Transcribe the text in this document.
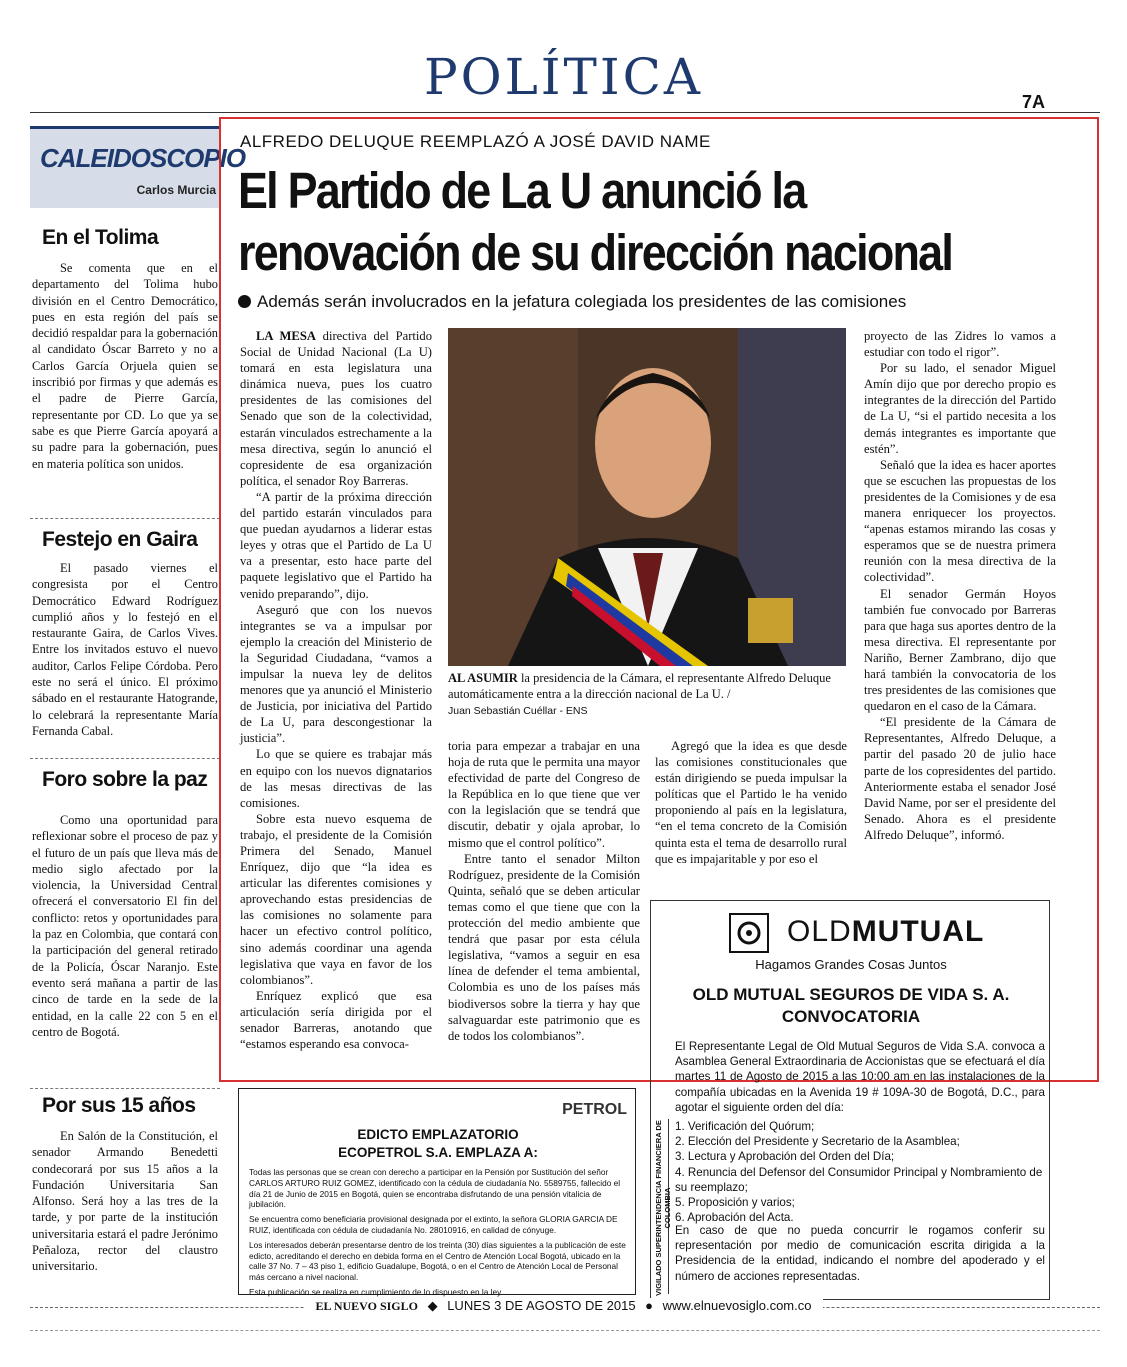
POLÍTICA	7A
CALEIDOSCOPIO
Carlos Murcia
En el Tolima
Se comenta que en el departamento del Tolima hubo división en el Centro Democrático, pues en esta región del país se decidió respaldar para la gobernación al candidato Óscar Barreto y no a Carlos García Orjuela quien se inscribió por firmas y que además es el padre de Pierre García, representante por CD. Lo que ya se sabe es que Pierre García apoyará a su padre para la gobernación, pues en materia política son unidos.
Festejo en Gaira
El pasado viernes el congresista por el Centro Democrático Edward Rodríguez cumplió años y lo festejó en el restaurante Gaira, de Carlos Vives. Entre los invitados estuvo el nuevo auditor, Carlos Felipe Córdoba. Pero este no será el único. El próximo sábado en el restaurante Hatogrande, lo celebrará la representante María Fernanda Cabal.
Foro sobre la paz
Como una oportunidad para reflexionar sobre el proceso de paz y el futuro de un país que lleva más de medio siglo afectado por la violencia, la Universidad Central ofrecerá el conversatorio El fin del conflicto: retos y oportunidades para la paz en Colombia, que contará con la participación del general retirado de la Policía, Óscar Naranjo. Este evento será mañana a partir de las cinco de tarde en la sede de la entidad, en la calle 22 con 5 en el centro de Bogotá.
Por sus 15 años
En Salón de la Constitución, el senador Armando Benedetti condecorará por sus 15 años a la Fundación Universitaria San Alfonso. Será hoy a las tres de la tarde, y por parte de la institución universitaria estará el padre Jerónimo Peñaloza, rector del claustro universitario.
ALFREDO DELUQUE REEMPLAZÓ A JOSÉ DAVID NAME
El Partido de La U anunció la
renovación de su dirección nacional
Además serán involucrados en la jefatura colegiada los presidentes de las comisiones

LA MESA directiva del Partido Social de Unidad Nacional (La U) tomará en esta legislatura una dinámica nueva, pues los cuatro presidentes de las comisiones del Senado que son de la colectividad, estarán vinculados estrechamente a la mesa directiva, según lo anunció el copresidente de esa organización política, el senador Roy Barreras.

“A partir de la próxima dirección del partido estarán vinculados para que puedan ayudarnos a liderar estas leyes y otras que el Partido de La U va a presentar, esto hace parte del paquete legislativo que el Partido ha venido preparando”, dijo.

Aseguró que con los nuevos integrantes se va a impulsar por ejemplo la creación del Ministerio de la Seguridad Ciudadana, “vamos a impulsar la nueva ley de delitos menores que ya anunció el Ministerio de Justicia, por iniciativa del Partido de La U, para descongestionar la justicia”.

Lo que se quiere es trabajar más en equipo con los nuevos dignatarios de las mesas directivas de las comisiones.

Sobre esta nuevo esquema de trabajo, el presidente de la Comisión Primera del Senado, Manuel Enríquez, dijo que “la idea es articular las diferentes comisiones y aprovechando estas presidencias de las comisiones no solamente para hacer un efectivo control político, sino además coordinar una agenda legislativa que vaya en favor de los colombianos”.

Enríquez explicó que esa articulación sería dirigida por el senador Barreras, anotando que “estamos esperando esa convoca-

AL ASUMIR la presidencia de la Cámara, el representante Alfredo Deluque automáticamente entra a la dirección nacional de La U. /
Juan Sebastián Cuéllar - ENS

toria para empezar a trabajar en una hoja de ruta que le permita una mayor efectividad de parte del Congreso de la República en lo que tiene que ver con la legislación que se tendrá que discutir, debatir y ojala aprobar, lo mismo que el control político”.

Entre tanto el senador Milton Rodríguez, presidente de la Comisión Quinta, señaló que se deben articular temas como el que tiene que con la protección del medio ambiente que tendrá que pasar por esta célula legislativa, “vamos a seguir en esa línea de defender el tema ambiental, Colombia es uno de los países más biodiversos sobre la tierra y hay que salvaguardar este patrimonio que es de todos los colombianos”.

Agregó que la idea es que desde las comisiones constitucionales que están dirigiendo se pueda impulsar la políticas que el Partido le ha venido proponiendo al país en la legislatura, “en el tema concreto de la Comisión quinta esta el tema de desarrollo rural que es impajaritable y por eso el

proyecto de las Zidres lo vamos a estudiar con todo el rigor”.

Por su lado, el senador Miguel Amín dijo que por derecho propio es integrantes de la dirección del Partido de La U, “si el partido necesita a los demás integrantes es importante que estén”.

Señaló que la idea es hacer aportes que se escuchen las propuestas de los presidentes de la Comisiones y de esa manera enriquecer los proyectos. “apenas estamos mirando las cosas y esperamos que se de nuestra primera reunión con la mesa directiva de la colectividad”.

El senador Germán Hoyos también fue convocado por Barreras para que haga sus aportes dentro de la mesa directiva. El representante por Nariño, Berner Zambrano, dijo que hará también la convocatoria de los tres presidentes de las comisiones que quedaron en el caso de la Cámara.

“El presidente de la Cámara de Representantes, Alfredo Deluque, a partir del pasado 20 de julio hace parte de los copresidentes del partido. Anteriormente estaba el senador José David Name, por ser el presidente del Senado. Ahora es el presidente Alfredo Deluque”, informó.

OLDMUTUAL
Hagamos Grandes Cosas Juntos
OLD MUTUAL SEGUROS DE VIDA S. A.
CONVOCATORIA
El Representante Legal de Old Mutual Seguros de Vida S.A. convoca a Asamblea General Extraordinaria de Accionistas que se efectuará el día martes 11 de Agosto de 2015 a las 10:00 am en las instalaciones de la compañía ubicadas en la Avenida 19 # 109A-30 de Bogotá, D.C., para agotar el siguiente orden del día:
1. Verificación del Quórum;
2. Elección del Presidente y Secretario de la Asamblea;
3. Lectura y Aprobación del Orden del Día;
4. Renuncia del Defensor del Consumidor Principal y Nombramiento de su reemplazo;
5. Proposición y varios;
6. Aprobación del Acta.
En caso de que no pueda concurrir le rogamos conferir su representación por medio de comunicación escrita dirigida a la Presidencia de la entidad, indicando el nombre del apoderado y el número de acciones representadas.
VIGILADO SUPERINTENDENCIA FINANCIERA DE COLOMBIA
PETROL
EDICTO EMPLAZATORIO
ECOPETROL S.A. EMPLAZA A:

Todas las personas que se crean con derecho a participar en la Pensión por Sustitución del señor CARLOS ARTURO RUIZ GOMEZ, identificado con la cédula de ciudadanía No. 5589755, fallecido el día 21 de Junio de 2015 en Bogotá, quien se encontraba disfrutando de una pensión vitalicia de jubilación.

Se encuentra como beneficiaria provisional designada por el extinto, la señora GLORIA GARCIA DE RUIZ, identificada con cédula de ciudadanía No. 28010916, en calidad de cónyuge.

Los interesados deberán presentarse dentro de los treinta (30) días siguientes a la publicación de este edicto, acreditando el derecho en debida forma en el Centro de Atención Local Bogotá, ubicado en la calle 37 No. 7 – 43 piso 1, edificio Guadalupe, Bogotá, o en el Centro de Atención Local de Personal más cercano a nivel nacional.

Esta publicación se realiza en cumplimiento de lo dispuesto en la ley.

EL NUEVO SIGLO ◆ LUNES 3 DE AGOSTO DE 2015 ● www.elnuevosiglo.com.co
